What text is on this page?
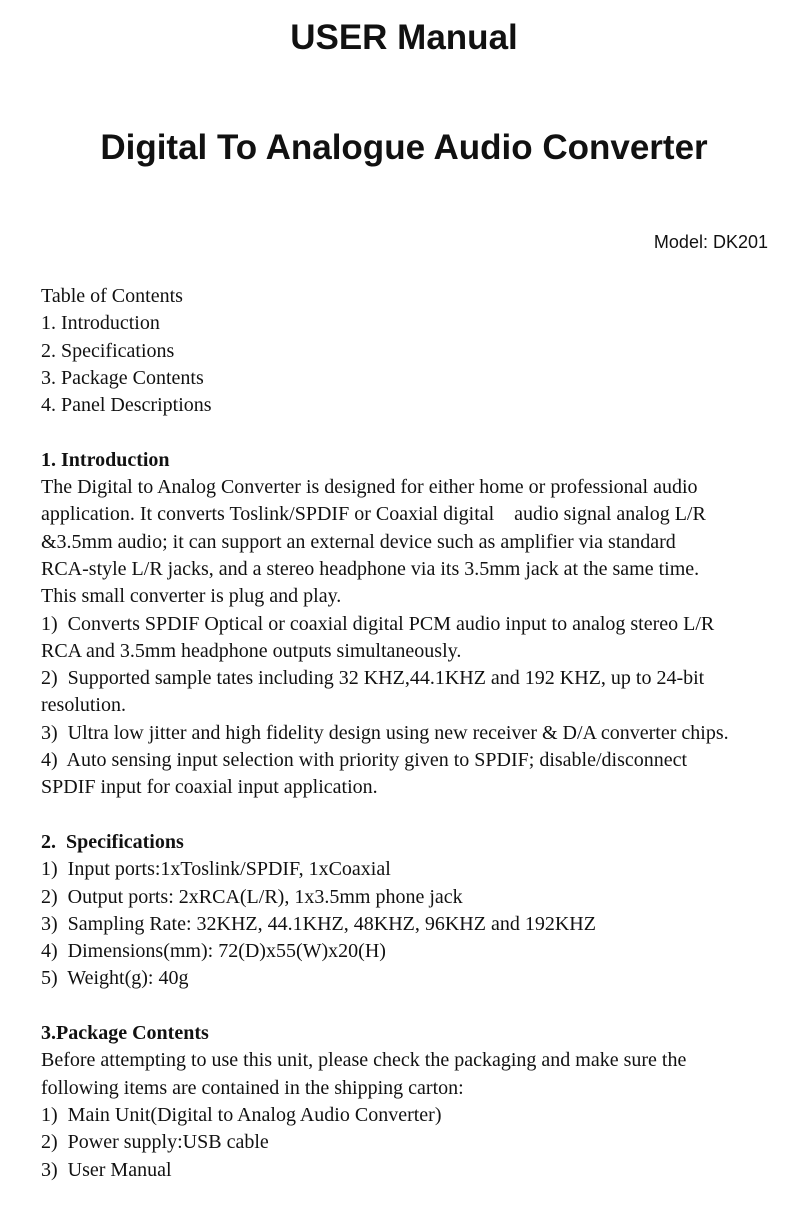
USER Manual
Digital To Analogue Audio Converter
Model: DK201

Table of Contents

1. Introduction
2. Specifications
3. Package Contents
4. Panel Descriptions

1. Introduction

The Digital to Analog Converter is designed for either home or professional audio

application. It converts Toslink/SPDIF or Coaxial digital    audio signal analog L/R

&3.5mm audio; it can support an external device such as amplifier via standard

RCA-style L/R jacks, and a stereo headphone via its 3.5mm jack at the same time.

This small converter is plug and play.

1)  Converts SPDIF Optical or coaxial digital PCM audio input to analog stereo L/R

RCA and 3.5mm headphone outputs simultaneously.

2)  Supported sample tates including 32 KHZ,44.1KHZ and 192 KHZ, up to 24-bit

resolution.

3)  Ultra low jitter and high fidelity design using new receiver & D/A converter chips.

4)  Auto sensing input selection with priority given to SPDIF; disable/disconnect

SPDIF input for coaxial input application.

2.  Specifications

1)  Input ports:1xToslink/SPDIF, 1xCoaxial
2)  Output ports: 2xRCA(L/R), 1x3.5mm phone jack
3)  Sampling Rate: 32KHZ, 44.1KHZ, 48KHZ, 96KHZ and 192KHZ
4)  Dimensions(mm): 72(D)x55(W)x20(H)
5)  Weight(g): 40g

3.Package Contents

Before attempting to use this unit, please check the packaging and make sure the

following items are contained in the shipping carton:

1)  Main Unit(Digital to Analog Audio Converter)
2)  Power supply:USB cable
3)  User Manual
